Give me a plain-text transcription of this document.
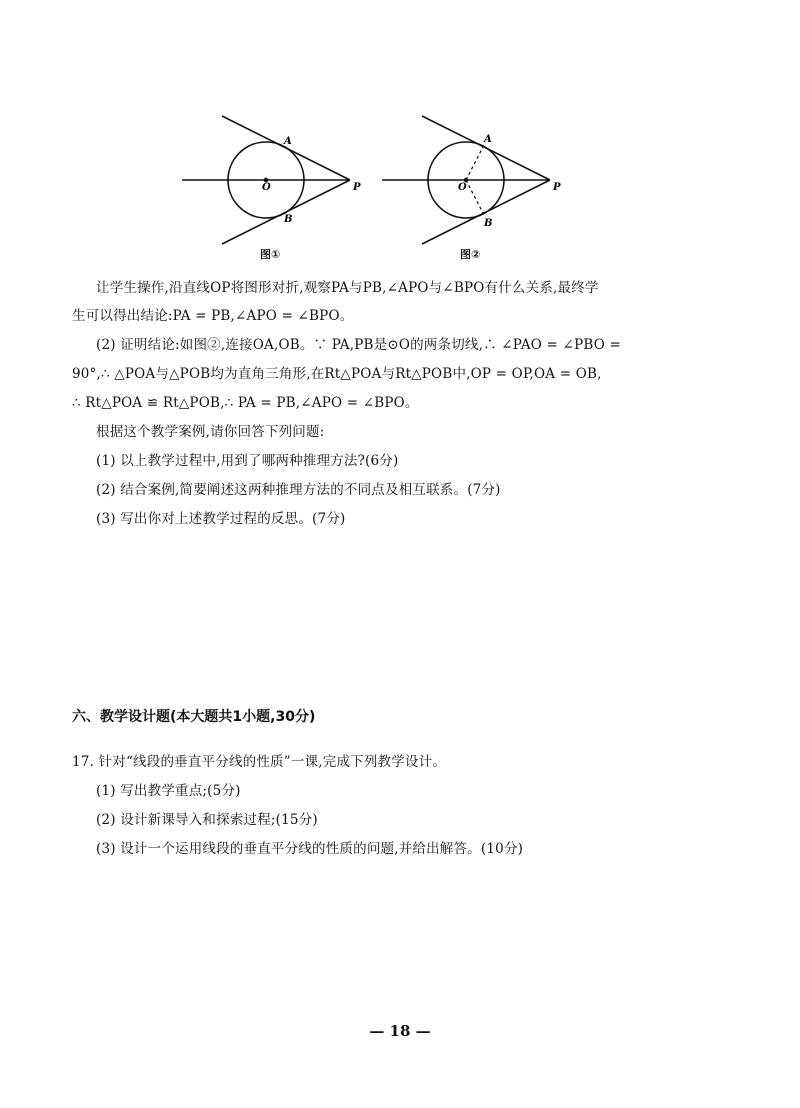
A
B
O	P
A
B
O	P
图①	图②
让学生操作,沿直线OP将图形对折,观察PA与PB,∠APO与∠BPO有什么关系,最终学
生可以得出结论:PA = PB,∠APO = ∠BPO。
(2) 证明结论:如图②,连接OA,OB。∵ PA,PB是⊙O的两条切线,∴ ∠PAO = ∠PBO =
90°,∴ △POA与△POB均为直角三角形,在Rt△POA与Rt△POB中,OP = OP,OA = OB,
∴ Rt△POA ≌ Rt△POB,∴ PA = PB,∠APO = ∠BPO。
根据这个教学案例,请你回答下列问题:
(1) 以上教学过程中,用到了哪两种推理方法?(6分)
(2) 结合案例,简要阐述这两种推理方法的不同点及相互联系。(7分)
(3) 写出你对上述教学过程的反思。(7分)
六、教学设计题(本大题共1小题,30分)
17. 针对“线段的垂直平分线的性质”一课,完成下列教学设计。
(1) 写出教学重点;(5分)
(2) 设计新课导入和探索过程;(15分)
(3) 设计一个运用线段的垂直平分线的性质的问题,并给出解答。(10分)
— 18 —
